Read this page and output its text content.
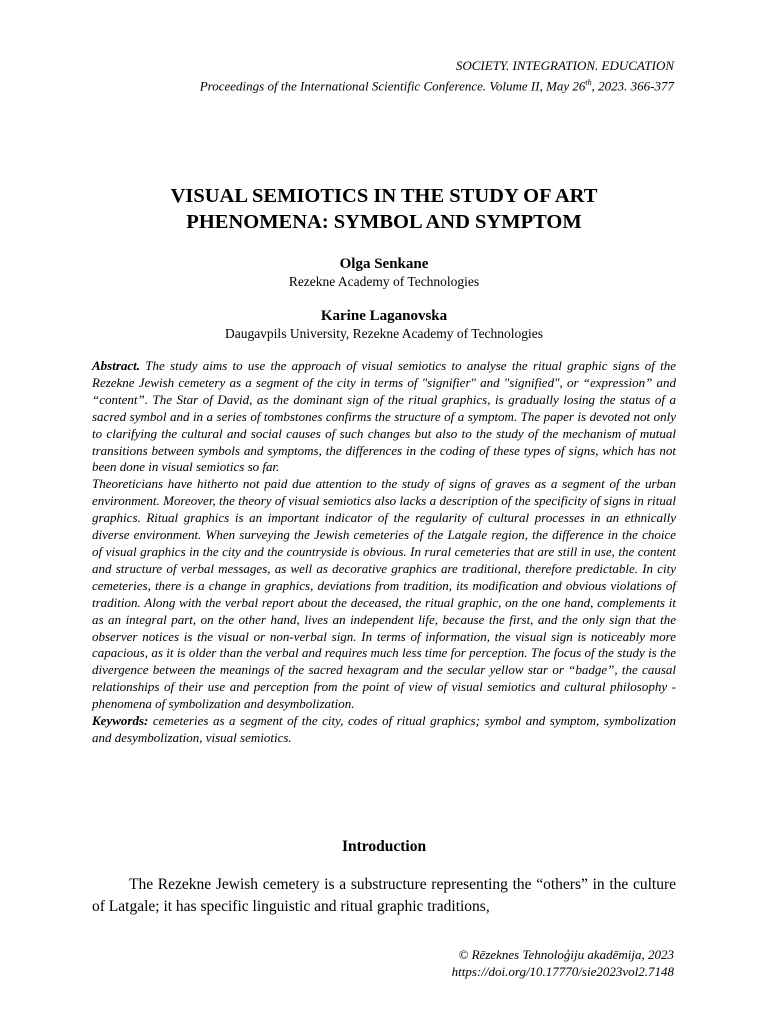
SOCIETY. INTEGRATION. EDUCATION
Proceedings of the International Scientific Conference. Volume II, May 26th, 2023. 366-377
VISUAL SEMIOTICS IN THE STUDY OF ART
PHENOMENA: SYMBOL AND SYMPTOM
Olga Senkane
Rezekne Academy of Technologies
Karine Laganovska
Daugavpils University, Rezekne Academy of Technologies

Abstract. The study aims to use the approach of visual semiotics to analyse the ritual graphic signs of the Rezekne Jewish cemetery as a segment of the city in terms of "signifier" and "signified", or “expression” and “content”. The Star of David, as the dominant sign of the ritual graphics, is gradually losing the status of a sacred symbol and in a series of tombstones confirms the structure of a symptom. The paper is devoted not only to clarifying the cultural and social causes of such changes but also to the study of the mechanism of mutual transitions between symbols and symptoms, the differences in the coding of these types of signs, which has not been done in visual semiotics so far.

Theoreticians have hitherto not paid due attention to the study of signs of graves as a segment of the urban environment. Moreover, the theory of visual semiotics also lacks a description of the specificity of signs in ritual graphics. Ritual graphics is an important indicator of the regularity of cultural processes in an ethnically diverse environment. When surveying the Jewish cemeteries of the Latgale region, the difference in the choice of visual graphics in the city and the countryside is obvious. In rural cemeteries that are still in use, the content and structure of verbal messages, as well as decorative graphics are traditional, therefore predictable. In city cemeteries, there is a change in graphics, deviations from tradition, its modification and obvious violations of tradition. Along with the verbal report about the deceased, the ritual graphic, on the one hand, complements it as an integral part, on the other hand, lives an independent life, because the first, and the only sign that the observer notices is the visual or non-verbal sign. In terms of information, the visual sign is noticeably more capacious, as it is older than the verbal and requires much less time for perception. The focus of the study is the divergence between the meanings of the sacred hexagram and the secular yellow star or “badge”, the causal relationships of their use and perception from the point of view of visual semiotics and cultural philosophy - phenomena of symbolization and desymbolization.

Keywords: cemeteries as a segment of the city, codes of ritual graphics; symbol and symptom, symbolization and desymbolization, visual semiotics.

Introduction

The Rezekne Jewish cemetery is a substructure representing the “others” in the culture of Latgale; it has specific linguistic and ritual graphic traditions,

© Rēzeknes Tehnoloģiju akadēmija, 2023
https://doi.org/10.17770/sie2023vol2.7148
